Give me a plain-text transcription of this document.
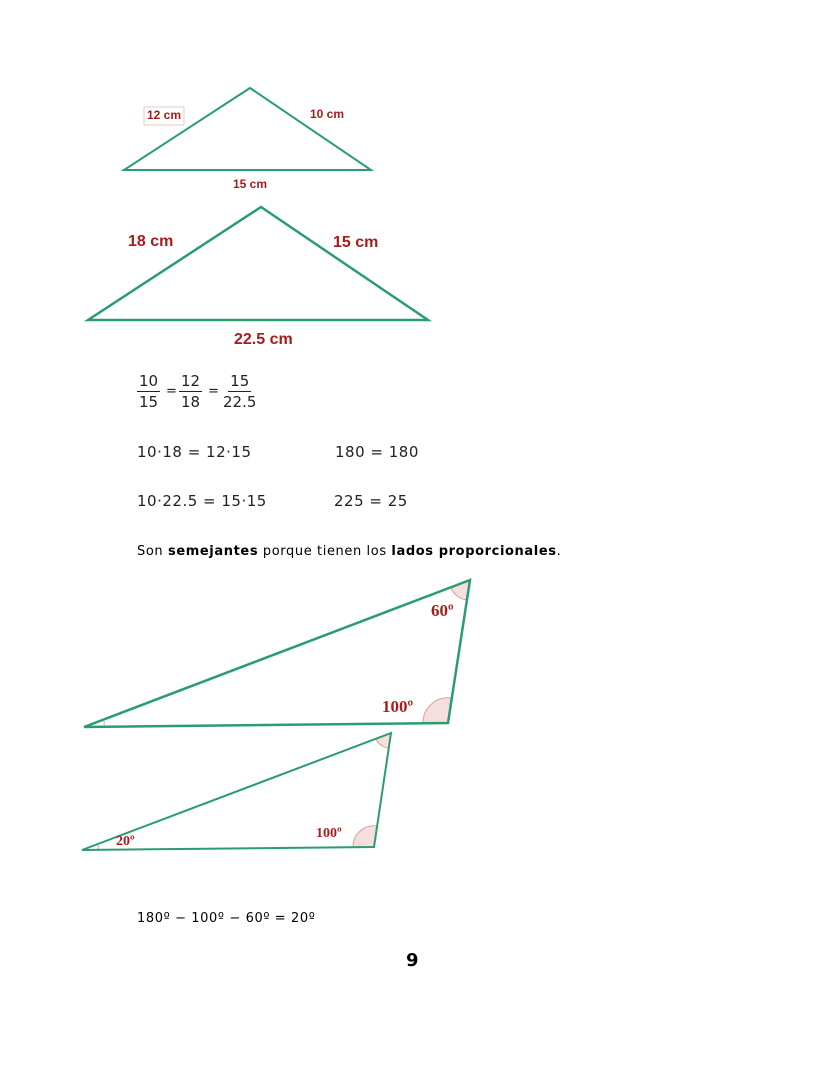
12 cm	10 cm
15 cm
18 cm	15 cm
22.5 cm
$\frac{10}{15} = \frac{12}{18} = \frac{15}{22.5}$
10·18 = 12·15	180 = 180
10·22.5 = 15·15	225 = 25
Son semejantes porque tienen los lados proporcionales.
60º
100º
20º
100º
180º − 100º − 60º = 20º
9
